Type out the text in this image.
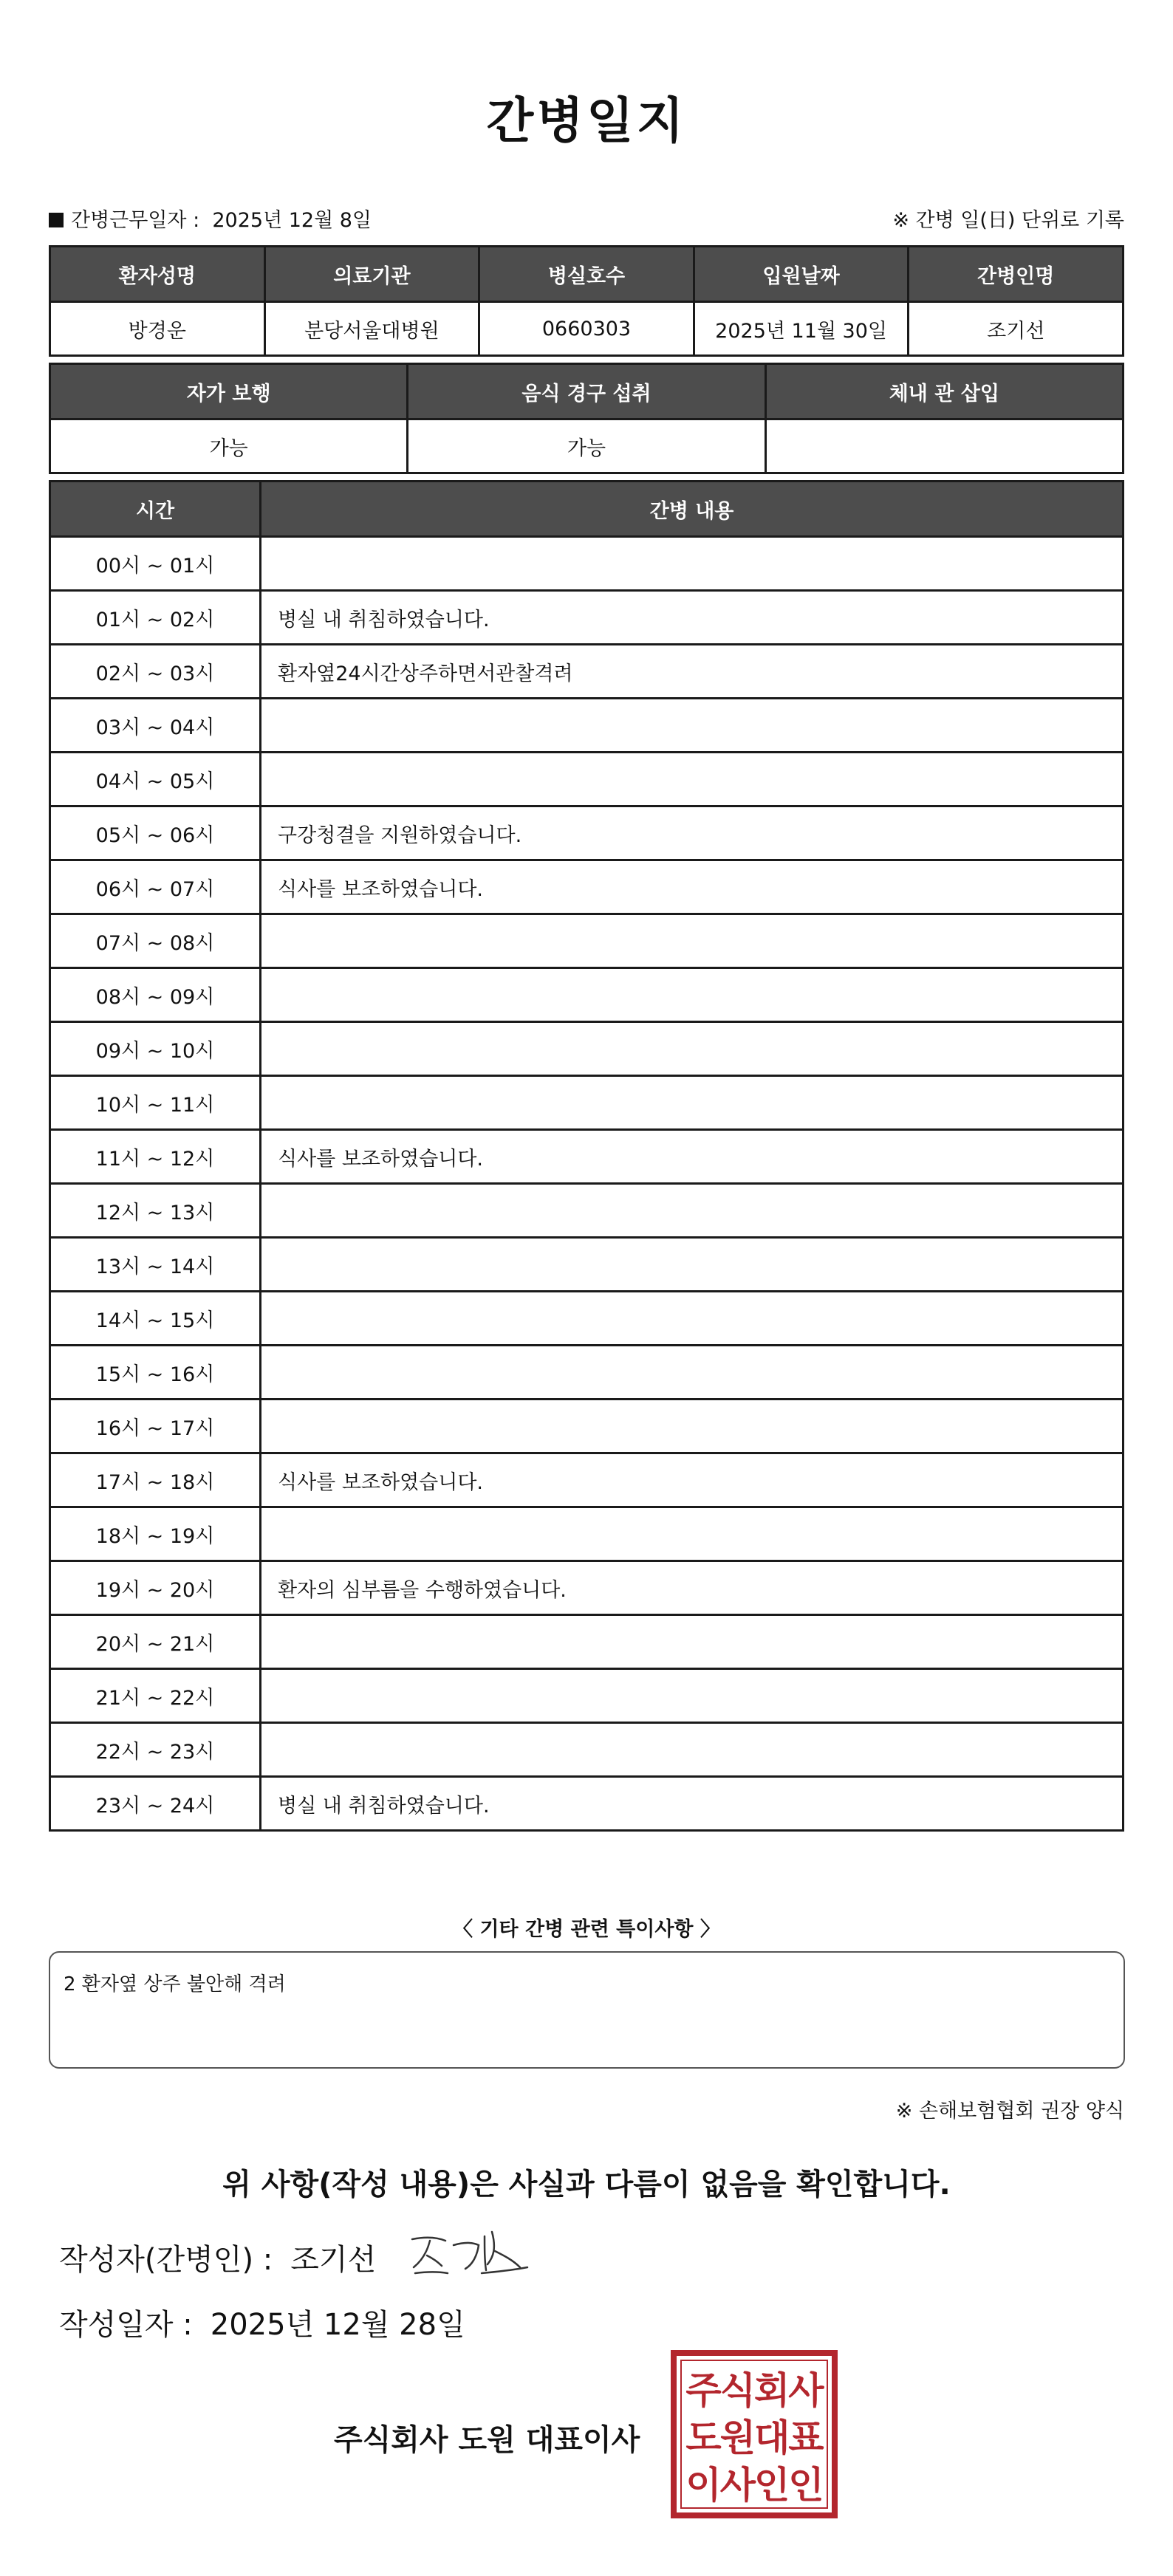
간병일지
간병근무일자 :  2025년 12월 8일	※ 간병 일(日) 단위로 기록
환자성명	의료기관	병실호수	입원날짜	간병인명
방경운	분당서울대병원	0660303	2025년 11월 30일	조기선
자가 보행	음식 경구 섭취	체내 관 삽입
가능	가능	
시간	간병 내용
00시 ~ 01시	
01시 ~ 02시	병실 내 취침하였습니다.
02시 ~ 03시	환자옆24시간상주하면서관찰격려
03시 ~ 04시	
04시 ~ 05시	
05시 ~ 06시	구강청결을 지원하였습니다.
06시 ~ 07시	식사를 보조하였습니다.
07시 ~ 08시	
08시 ~ 09시	
09시 ~ 10시	
10시 ~ 11시	
11시 ~ 12시	식사를 보조하였습니다.
12시 ~ 13시	
13시 ~ 14시	
14시 ~ 15시	
15시 ~ 16시	
16시 ~ 17시	
17시 ~ 18시	식사를 보조하였습니다.
18시 ~ 19시	
19시 ~ 20시	환자의 심부름을 수행하였습니다.
20시 ~ 21시	
21시 ~ 22시	
22시 ~ 23시	
23시 ~ 24시	병실 내 취침하였습니다.
〈 기타 간병 관련 특이사항 〉
2 환자옆 상주 불안해 격려
※ 손해보험협회 권장 양식
위 사항(작성 내용)은 사실과 다름이 없음을 확인합니다.
작성자(간병인) : 조기선
작성일자 : 2025년 12월 28일
주식회사 도원 대표이사
주식회사
도원대표
이사인인
